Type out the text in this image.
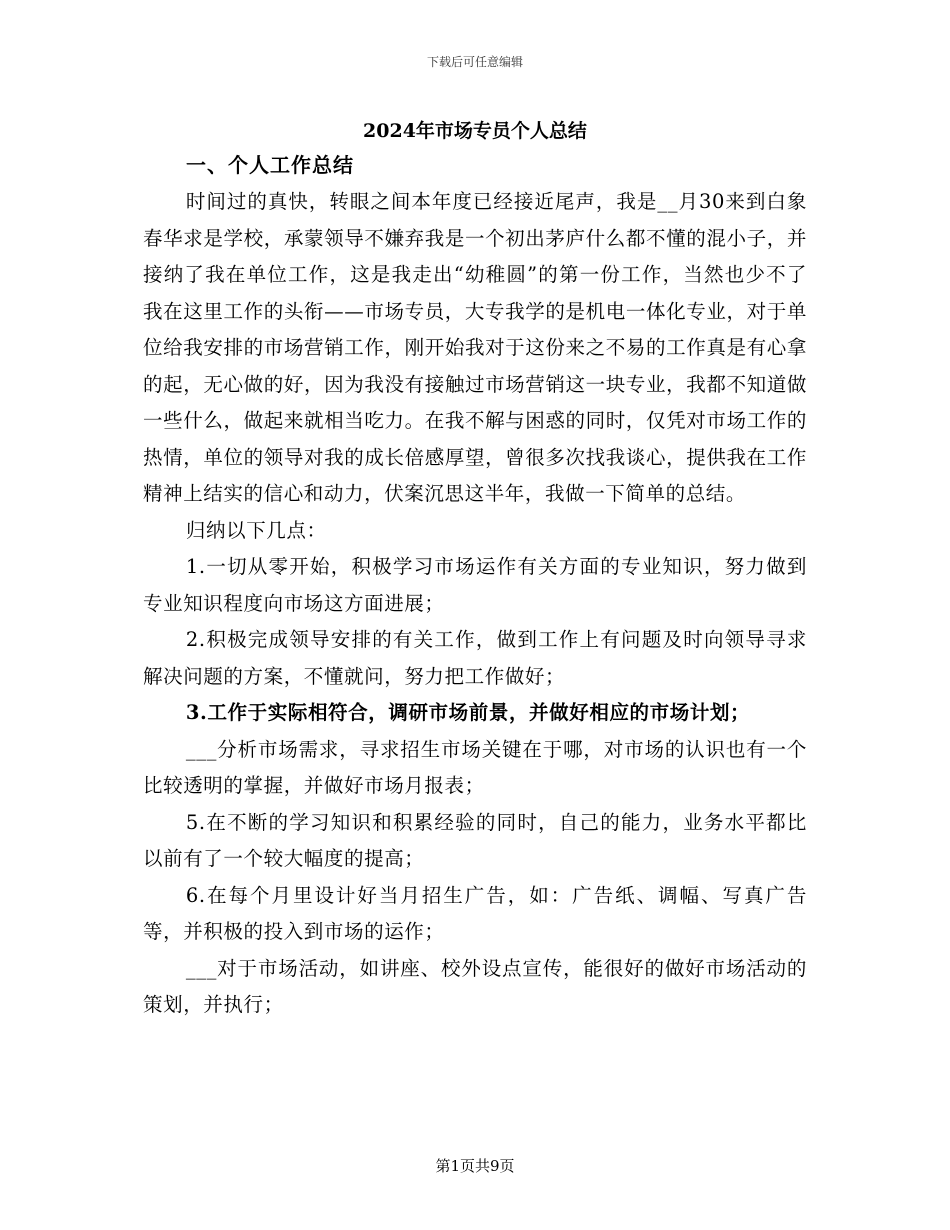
下载后可任意编辑
2024年市场专员个人总结
一、个人工作总结

时间过的真快，转眼之间本年度已经接近尾声，我是__月30来到白象春华求是学校，承蒙领导不嫌弃我是一个初出茅庐什么都不懂的混小子，并接纳了我在单位工作，这是我走出“幼稚圆”的第一份工作，当然也少不了我在这里工作的头衔——市场专员，大专我学的是机电一体化专业，对于单位给我安排的市场营销工作，刚开始我对于这份来之不易的工作真是有心拿的起，无心做的好，因为我没有接触过市场营销这一块专业，我都不知道做一些什么，做起来就相当吃力。在我不解与困惑的同时，仅凭对市场工作的热情，单位的领导对我的成长倍感厚望，曾很多次找我谈心，提供我在工作精神上结实的信心和动力，伏案沉思这半年，我做一下简单的总结。

归纳以下几点：

1.一切从零开始，积极学习市场运作有关方面的专业知识，努力做到专业知识程度向市场这方面进展；

2.积极完成领导安排的有关工作，做到工作上有问题及时向领导寻求解决问题的方案，不懂就问，努力把工作做好；

3.工作于实际相符合，调研市场前景，并做好相应的市场计划；

___分析市场需求，寻求招生市场关键在于哪，对市场的认识也有一个比较透明的掌握，并做好市场月报表；

5.在不断的学习知识和积累经验的同时，自己的能力，业务水平都比以前有了一个较大幅度的提高；

6.在每个月里设计好当月招生广告，如：广告纸、调幅、写真广告等，并积极的投入到市场的运作；

___对于市场活动，如讲座、校外设点宣传，能很好的做好市场活动的策划，并执行；

第1页共9页
